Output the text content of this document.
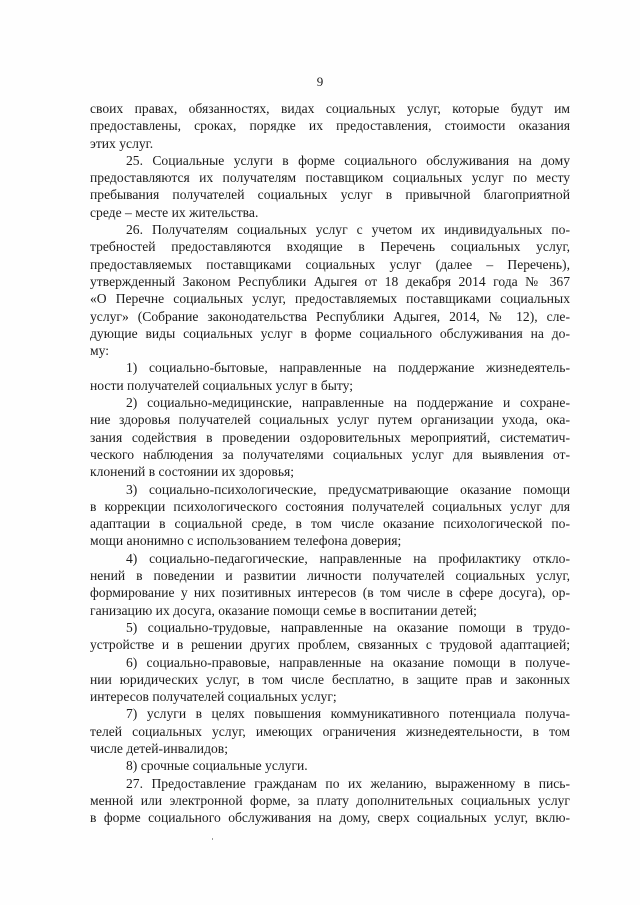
9
своих правах, обязанностях, видах социальных услуг, которые будут им
предоставлены, сроках, порядке их предоставления, стоимости оказания
этих услуг.
25. Социальные услуги в форме социального обслуживания на дому
предоставляются их получателям поставщиком социальных услуг по месту
пребывания получателей социальных услуг в привычной благоприятной
среде – месте их жительства.
26. Получателям социальных услуг с учетом их индивидуальных по-
требностей предоставляются входящие в Перечень социальных услуг,
предоставляемых поставщиками социальных услуг (далее – Перечень),
утвержденный Законом Республики Адыгея от 18 декабря 2014 года № 367
«О Перечне социальных услуг, предоставляемых поставщиками социальных
услуг» (Собрание законодательства Республики Адыгея, 2014, № 12), сле-
дующие виды социальных услуг в форме социального обслуживания на до-
му:
1) социально-бытовые, направленные на поддержание жизнедеятель-
ности получателей социальных услуг в быту;
2) социально-медицинские, направленные на поддержание и сохране-
ние здоровья получателей социальных услуг путем организации ухода, ока-
зания содействия в проведении оздоровительных мероприятий, систематич-
ческого наблюдения за получателями социальных услуг для выявления от-
клонений в состоянии их здоровья;
3) социально-психологические, предусматривающие оказание помощи
в коррекции психологического состояния получателей социальных услуг для
адаптации в социальной среде, в том числе оказание психологической по-
мощи анонимно с использованием телефона доверия;
4) социально-педагогические, направленные на профилактику откло-
нений в поведении и развитии личности получателей социальных услуг,
формирование у них позитивных интересов (в том числе в сфере досуга), ор-
ганизацию их досуга, оказание помощи семье в воспитании детей;
5) социально-трудовые, направленные на оказание помощи в трудо-
устройстве и в решении других проблем, связанных с трудовой адаптацией;
6) социально-правовые, направленные на оказание помощи в получе-
нии юридических услуг, в том числе бесплатно, в защите прав и законных
интересов получателей социальных услуг;
7) услуги в целях повышения коммуникативного потенциала получа-
телей социальных услуг, имеющих ограничения жизнедеятельности, в том
числе детей-инвалидов;
8) срочные социальные услуги.
27. Предоставление гражданам по их желанию, выраженному в пись-
менной или электронной форме, за плату дополнительных социальных услуг
в форме социального обслуживания на дому, сверх социальных услуг, вклю-
